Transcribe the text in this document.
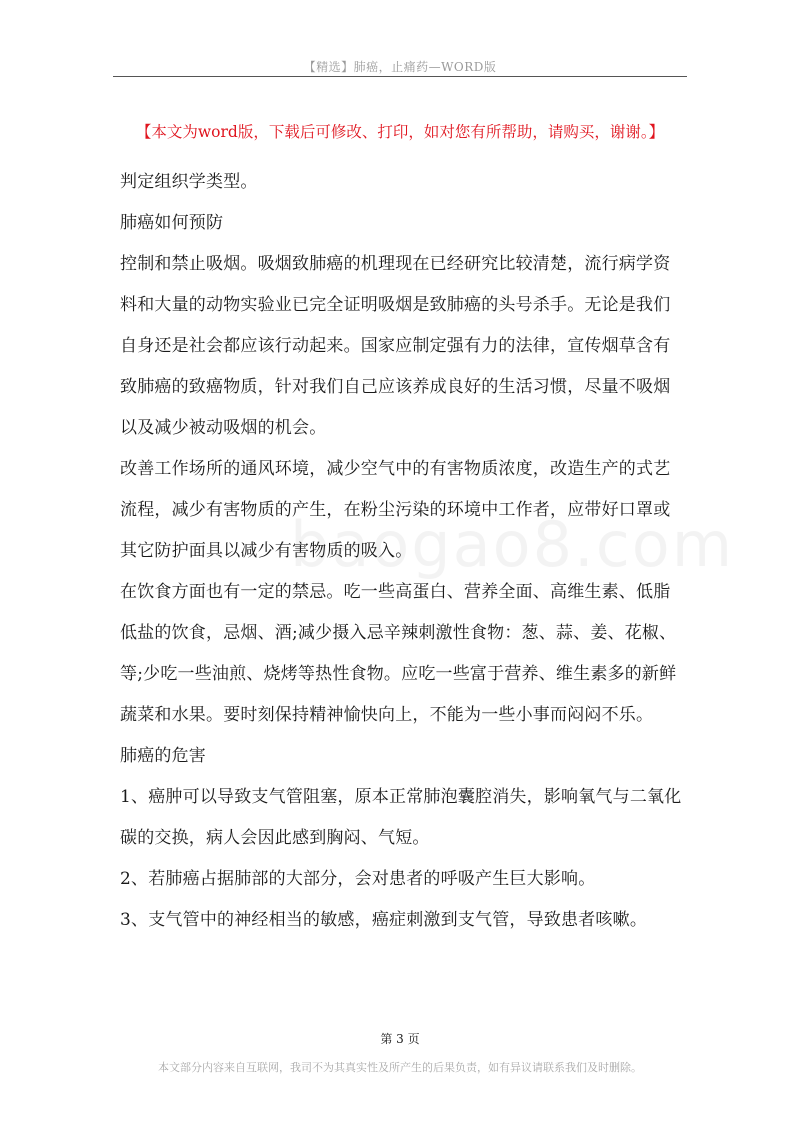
【精选】肺癌，止痛药—WORD版
【本文为word版，下载后可修改、打印，如对您有所帮助，请购买，谢谢。】

判定组织学类型。

肺癌如何预防

控制和禁止吸烟。吸烟致肺癌的机理现在已经研究比较清楚，流行病学资料和大量的动物实验业已完全证明吸烟是致肺癌的头号杀手。无论是我们自身还是社会都应该行动起来。国家应制定强有力的法律，宣传烟草含有致肺癌的致癌物质，针对我们自己应该养成良好的生活习惯，尽量不吸烟以及减少被动吸烟的机会。

改善工作场所的通风环境，减少空气中的有害物质浓度，改造生产的式艺流程，减少有害物质的产生，在粉尘污染的环境中工作者，应带好口罩或其它防护面具以减少有害物质的吸入。

在饮食方面也有一定的禁忌。吃一些高蛋白、营养全面、高维生素、低脂低盐的饮食，忌烟、酒;减少摄入忌辛辣刺激性食物：葱、蒜、姜、花椒、等;少吃一些油煎、烧烤等热性食物。应吃一些富于营养、维生素多的新鲜蔬菜和水果。要时刻保持精神愉快向上，不能为一些小事而闷闷不乐。

肺癌的危害

1、癌肿可以导致支气管阻塞，原本正常肺泡囊腔消失，影响氧气与二氧化碳的交换，病人会因此感到胸闷、气短。

2、若肺癌占据肺部的大部分，会对患者的呼吸产生巨大影响。

3、支气管中的神经相当的敏感，癌症刺激到支气管，导致患者咳嗽。

第 3 页
本文部分内容来自互联网，我司不为其真实性及所产生的后果负责，如有异议请联系我们及时删除。
